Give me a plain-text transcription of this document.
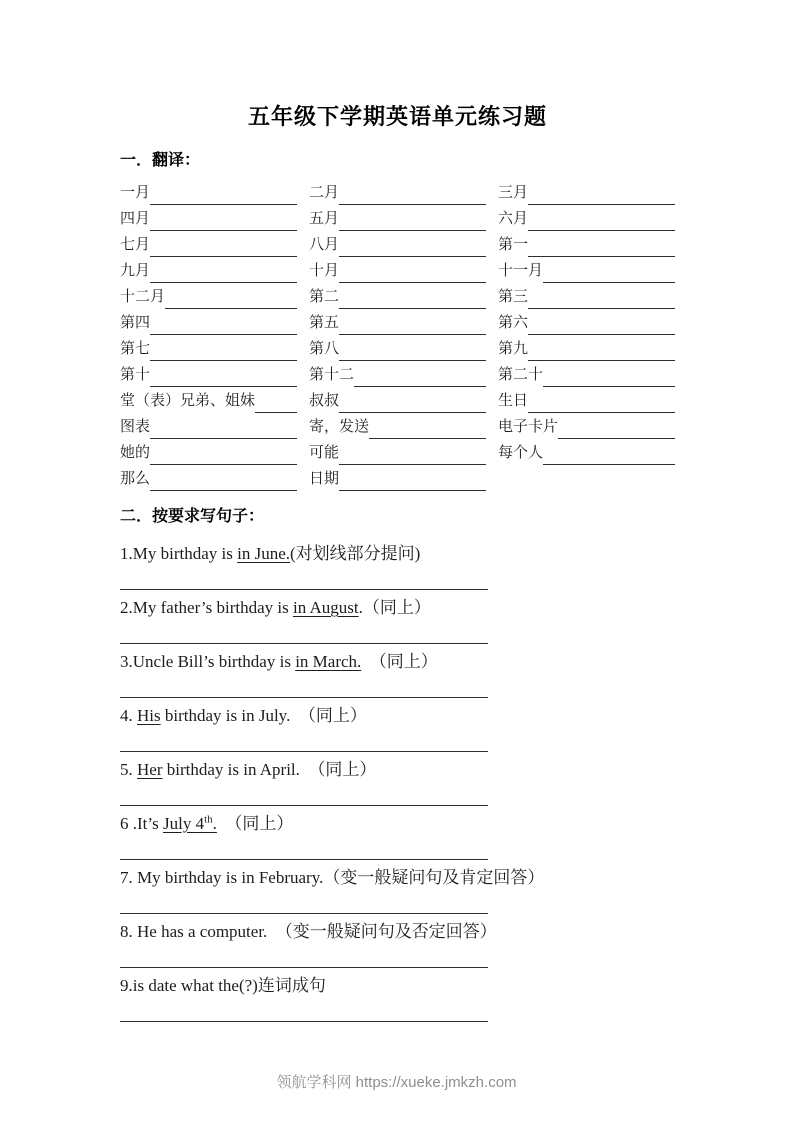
五年级下学期英语单元练习题
一．翻译：
一月	二月	三月
四月	五月	六月
七月	八月	第一
九月	十月	十一月
十二月	第二	第三
第四	第五	第六
第七	第八	第九
第十	第十二	第二十
堂（表）兄弟、姐妹	叔叔	生日
图表	寄，发送	电子卡片
她的	可能	每个人
那么	日期
二．按要求写句子：
1.My birthday is in June.(对划线部分提问)
2.My father’s birthday is in August.（同上）
3.Uncle Bill’s birthday is in March.　（同上）
4. His birthday is in July.　（同上）
5. Her birthday is in April.　（同上）
6 .It’s July 4th.　（同上）
7. My birthday is in February.（变一般疑问句及肯定回答）
8. He has a computer.　（变一般疑问句及否定回答）
9.is date what the(?)连词成句
领航学科网 https://xueke.jmkzh.com
